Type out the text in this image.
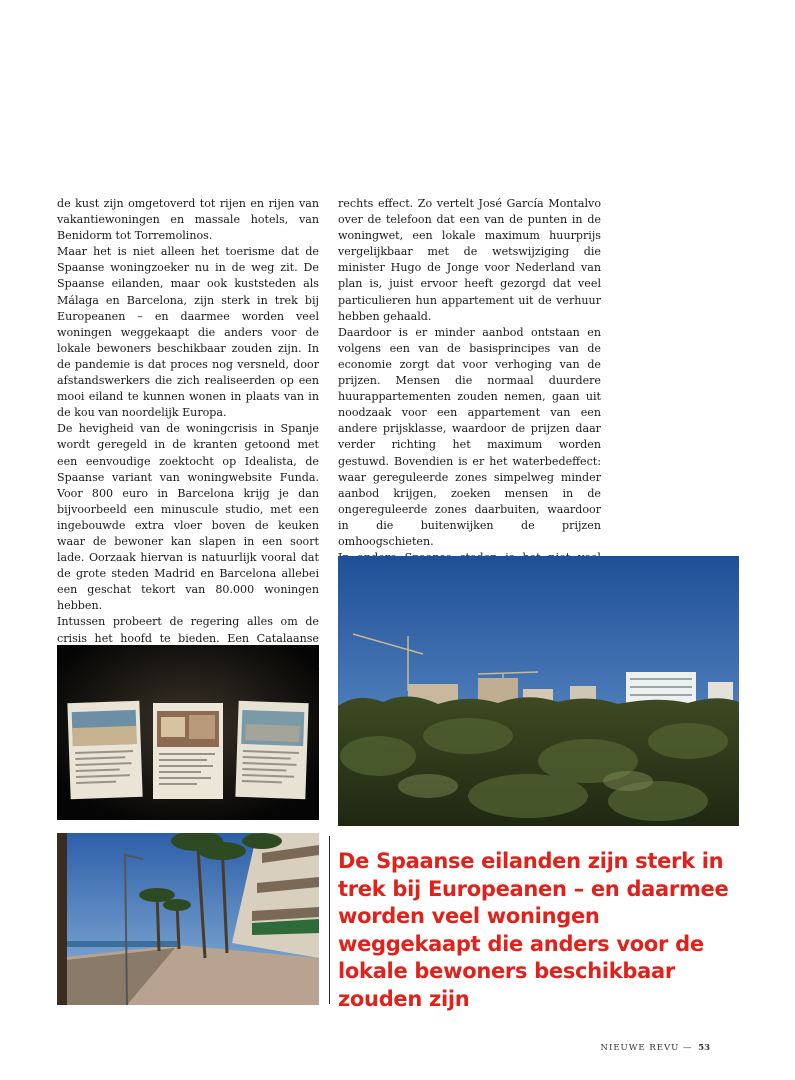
de kust zijn omgetoverd tot rijen en rijen van vakantiewoningen en massale hotels, van Benidorm tot Torremolinos.

Maar het is niet alleen het toerisme dat de Spaanse woningzoeker nu in de weg zit. De Spaanse eilanden, maar ook kuststeden als Málaga en Barcelona, zijn sterk in trek bij Europeanen – en daarmee worden veel woningen weggekaapt die anders voor de lokale bewoners beschikbaar zouden zijn. In de pandemie is dat proces nog versneld, door afstandswerkers die zich realiseerden op een mooi eiland te kunnen wonen in plaats van in de kou van noordelijk Europa.

De hevigheid van de woningcrisis in Spanje wordt geregeld in de kranten getoond met een eenvoudige zoektocht op Idealista, de Spaanse variant van woningwebsite Funda. Voor 800 euro in Barcelona krijg je dan bijvoorbeeld een minuscule studio, met een ingebouwde extra vloer boven de keuken waar de bewoner kan slapen in een soort lade. Oorzaak hiervan is natuurlijk vooral dat de grote steden Madrid en Barcelona allebei een geschat tekort van 80.000 woningen hebben.

Intussen probeert de regering alles om de crisis het hoofd te bieden. Een Catalaanse

rechts effect. Zo vertelt José García Montalvo over de telefoon dat een van de punten in de woningwet, een lokale maximum huurprijs vergelijkbaar met de wetswijziging die minister Hugo de Jonge voor Nederland van plan is, juist ervoor heeft gezorgd dat veel particulieren hun appartement uit de verhuur hebben gehaald.

Daardoor is er minder aanbod ontstaan en volgens een van de basisprincipes van de economie zorgt dat voor verhoging van de prijzen. Mensen die normaal duurdere huurappartementen zouden nemen, gaan uit noodzaak voor een appartement van een andere prijsklasse, waardoor de prijzen daar verder richting het maximum worden gestuwd. Bovendien is er het waterbedeffect: waar gereguleerde zones simpelweg minder aanbod krijgen, zoeken mensen in de ongereguleerde zones daarbuiten, waardoor in die buitenwijken de prijzen omhoogschieten.

De Spaanse eilanden zijn sterk in trek bij Europeanen – en daarmee worden veel woningen weggekaapt die anders voor de lokale bewoners beschikbaar zouden zijn

NIEUWE REVU — 53
